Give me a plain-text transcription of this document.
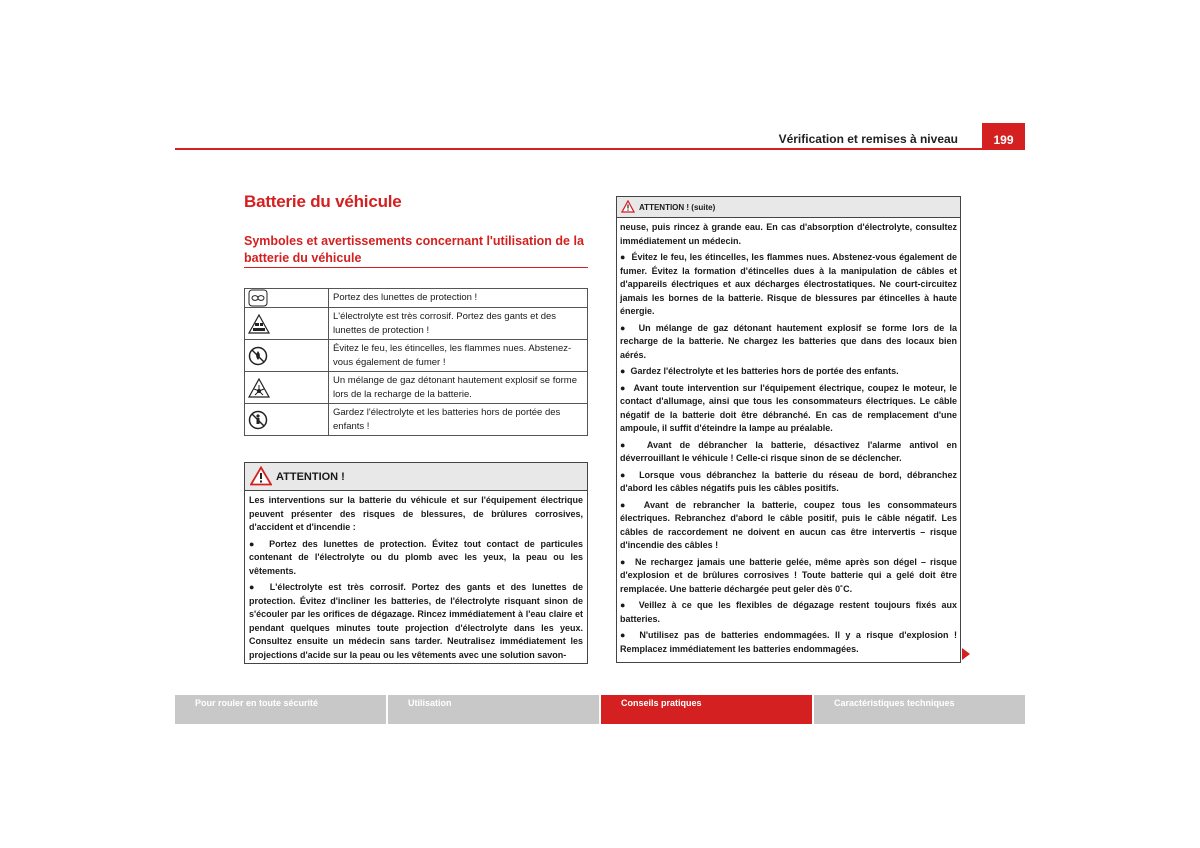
Vérification et remises à niveau	199
Batterie du véhicule
Symboles et avertissements concernant l'utilisation de la batterie du véhicule
	Portez des lunettes de protection !

	L'électrolyte est très corrosif. Portez des gants et des lunettes de protection !

	Évitez le feu, les étincelles, les flammes nues. Abstenez-vous également de fumer !

	Un mélange de gaz détonant hautement explosif se forme lors de la recharge de la batterie.

	Gardez l'électrolyte et les batteries hors de portée des enfants !
ATTENTION !

Les interventions sur la batterie du véhicule et sur l'équipement électrique peuvent présenter des risques de blessures, de brûlures corrosives, d'accident et d'incendie :

●  Portez des lunettes de protection. Évitez tout contact de particules contenant de l'électrolyte ou du plomb avec les yeux, la peau ou les vêtements.

●  L'électrolyte est très corrosif. Portez des gants et des lunettes de protection. Évitez d'incliner les batteries, de l'électrolyte risquant sinon de s'écouler par les orifices de dégazage. Rincez immédiatement à l'eau claire et pendant quelques minutes toute projection d'électrolyte dans les yeux. Consultez ensuite un médecin sans tarder. Neutralisez immédiatement les projections d'acide sur la peau ou les vêtements avec une solution savon-

ATTENTION ! (suite)

neuse, puis rincez à grande eau. En cas d'absorption d'électrolyte, consultez immédiatement un médecin.

●  Évitez le feu, les étincelles, les flammes nues. Abstenez-vous également de fumer. Évitez la formation d'étincelles dues à la manipulation de câbles et d'appareils électriques et aux décharges électrostatiques. Ne court-circuitez jamais les bornes de la batterie. Risque de blessures par étincelles à haute énergie.

●  Un mélange de gaz détonant hautement explosif se forme lors de la recharge de la batterie. Ne chargez les batteries que dans des locaux bien aérés.

●  Gardez l'électrolyte et les batteries hors de portée des enfants.

●  Avant toute intervention sur l'équipement électrique, coupez le moteur, le contact d'allumage, ainsi que tous les consommateurs électriques. Le câble négatif de la batterie doit être débranché. En cas de remplacement d'une ampoule, il suffit d'éteindre la lampe au préalable.

●  Avant de débrancher la batterie, désactivez l'alarme antivol en déverrouillant le véhicule ! Celle-ci risque sinon de se déclencher.

●  Lorsque vous débranchez la batterie du réseau de bord, débranchez d'abord les câbles négatifs puis les câbles positifs.

●  Avant de rebrancher la batterie, coupez tous les consommateurs électriques. Rebranchez d'abord le câble positif, puis le câble négatif. Les câbles de raccordement ne doivent en aucun cas être intervertis – risque d'incendie des câbles !

●  Ne rechargez jamais une batterie gelée, même après son dégel – risque d'explosion et de brûlures corrosives ! Toute batterie qui a gelé doit être remplacée. Une batterie déchargée peut geler dès 0˚C.

●  Veillez à ce que les flexibles de dégazage restent toujours fixés aux batteries.

●  N'utilisez pas de batteries endommagées. Il y a risque d'explosion ! Remplacez immédiatement les batteries endommagées.

Pour rouler en toute sécurité	Utilisation	Conseils pratiques	Caractéristiques techniques
